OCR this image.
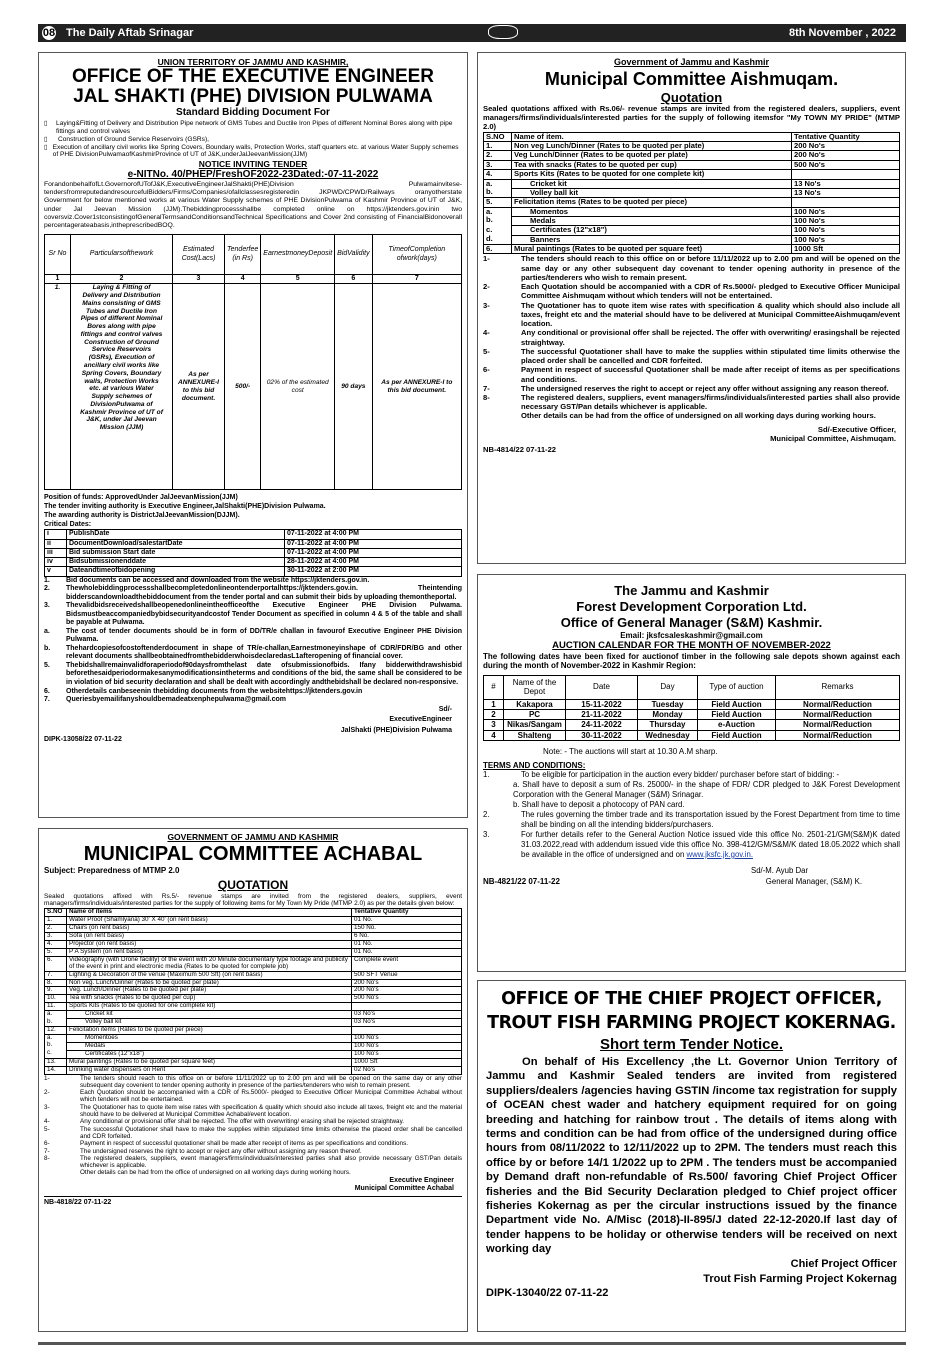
08 The Daily Aftab Srinagar	8th November , 2022
UNION TERRITORY OF JAMMU AND KASHMIR,
OFFICE OF THE EXECUTIVE ENGINEER
JAL SHAKTI (PHE) DIVISION PULWAMA
Standard Bidding Document For
▯	Laying&Fitting of Delivery and Distribution Pipe network of GMS Tubes and Ductile Iron Pipes of different Nominal Bores along with pipe fittings and control valves
▯	Construction of Ground Service Reservoirs (GSRs),
▯ Execution of ancillary civil works like Spring Covers, Boundary walls, Protection Works, staff quarters etc. at various Water Supply schemes of PHE DivisionPulwamaofKashmirProvince of UT of J&K,underJalJeevanMission(JJM)
NOTICE INVITING TENDER
e-NITNo. 40/PHEP/FreshOF2022-23Dated:-07-11-2022
ForandonbehalfofLt.GovernorofUTofJ&K,ExecutiveEngineerJalShakti(PHE)Division Pulwamainvitese-tendersfromreputedandresourcefulBidders/Firms/Companies/ofallclassesregisteredin JKPWD/CPWD/Railways oranyotherstate Government for below mentioned works at various Water Supply schemes of PHE DivisionPulwama of Kashmir Province of UT of J&K, under Jal Jeevan Mission (JJM).Thebiddingprocessshallbe completed online on https://jktenders.gov.inin two coversviz.Cover1stconsistingofGeneralTermsandConditionsandTechnical Specifications and Cover 2nd consisting of FinancialBidonoverall percentagerateabasis,intheprescribedBOQ.
Sr No	Particularsofthework	Estimated Cost(Lacs)	Tenderfee (in Rs)	EarnestmoneyDeposit	BidValidity	TimeofCompletion ofwork(days)
1	2	3	4	5	6	7
1.	Laying & Fitting of Delivery and Distribution Mains consisting of GMS Tubes and Ductile Iron Pipes of different Nominal Bores along with pipe fittings and control valves Construction of Ground Service Reservoirs (GSRs), Execution of ancillary civil works like Spring Covers, Boundary walls, Protection Works etc. at various Water Supply schemes of DivisionPulwama of Kashmir Province of UT of J&K, under Jal Jeevan Mission (JJM)	As per ANNEXURE-I to this bid document.	500/-	02% of the estimated cost	90 days	As per ANNEXURE-I to this bid document.
Position of funds: ApprovedUnder JalJeevanMission(JJM)
The tender inviting authority is Executive Engineer,JalShakti(PHE)Division Pulwama.
The awarding authority is DistrictJalJeevanMission(DJJM).
Critical Dates:
i	PublishDate	07-11-2022 at 4:00 PM
ii	DocumentDownload/salestartDate	07-11-2022 at 4:00 PM
iii	Bid submission Start date	07-11-2022 at 4:00 PM
iv	Bidsubmissionenddate	28-11-2022 at 4:00 PM
v	Dateandtimeofbidopening	30-11-2022 at 2:00 PM
1.	Bid documents can be accessed and downloaded from the website https://jktenders.gov.in.
2.	Thewholebiddingprocessshallbecompletedonlineontenderportalhttps://jktenders.gov.in. Theintending bidderscandownloadthebiddocument from the tender portal and can submit their bids by uploading themontheportal.
3.	Thevalidbidsreceivedshallbeopenedonlineintheofficeofthe Executive Engineer PHE Division Pulwama. Bidsmustbeaccompaniedbybidsecurityandcostof Tender Document as specified in column 4 & 5 of the table and shall be payable at Pulwama.
a.	The cost of tender documents should be in form of DD/TR/e challan in favourof Executive Engineer PHE Division Pulwama.
b.	Thehardcopiesofcostoftenderdocument in shape of TR/e-challan,Earnestmoneyinshape of CDR/FDR/BG and other relevant documents shallbeobtainedfromthebidderwhoisdeclaredasL1afteropening of financial cover.
5.	Thebidshallremainvalidforaperiodof90daysfromthelast date ofsubmissionofbids. Ifany bidderwithdrawshisbid beforethesaidperiodormakesanymodificationsintheterms and conditions of the bid, the same shall be considered to be in violation of bid security declaration and shall be dealt with accordingly andthebidshall be declared non-responsive.
6.	Otherdetails canbeseenin thebidding documents from the websitehttps://jktenders.gov.in
7.	Queriesbyemailifanyshouldbemadeatxenphepulwama@gmail.com
Sd/-
ExecutiveEngineer
JalShakti (PHE)Division Pulwama
DIPK-13058/22 07-11-22
GOVERNMENT OF JAMMU AND KASHMIR
MUNICIPAL COMMITTEE ACHABAL
Subject: Preparedness of MTMP 2.0
QUOTATION
Sealed quotations affixed with Rs.5/- revenue stamps are invited from the registered dealers, suppliers, event managers/firms/individuals/interested parties for the supply of following items for My Town My Pride (MTMP 2.0) as per the details given below:
S.NO	Name of items	Tentative Quantity
1.	Water Proof (Shamlyana) 30' X 40' (on rent basis)	01 No.
2.	Chairs (on rent basis)	150 No.
3.	Sofa (on rent basis)	6 No.
4.	Projector (on rent basis)	01 No.
5.	P A System (on rent basis)	01 No.
6.	Videography (with Drone facility) of the event with 20 Minute documentary type footage and publicity of the event in print and electronic media (Rates to be quoted for complete job)	Complete event
7.	Lighting & Decoration of the venue (Maximum 500 Sft) (on rent basis)	500 SFT Venue
8.	Non veg. Lunch/Dinner (Rates to be quoted per plate)	200 No's
9.	Veg. Lunch/Dinner (Rates to be quoted per plate)	200 No's
10.	Tea with snacks (Rates to be quoted per cup)	500 No's
11.	Sports Kits (Rates to be quoted for one complete kit)	
a.	Cricket kit	03 No's
b.	Volley ball kit	03 No's
12.	Felicitation items (Rates to be quoted per piece)	
a.	Momentoes	100 No's
b.	Medals	100 No's
c.	Certificates (12"x18")	100 No's
13.	Mural paintings (Rates to be quoted per square feet)	1000 Sft
14.	Drinking water dispensers on Rent	02 No's
1-	The tenders should reach to this office on or before 11/11/2022 up to 2.00 pm and will be opened on the same day or any other subsequent day covenient to tender opening authority in presence of the parties/tenderers who wish to remain present.
2-	Each Quotation should be accompanied with a CDR of Rs.5000/- pledged to Executive Officer Municipal Committee Achabal without which tenders will not be entertained.
3-	The Quotationer has to quote item wise rates with specification & quality which should also include all taxes, freight etc and the material should have to be delivered at Municipal Committee Achabal/event location.
4-	Any conditional or provisional offer shall be rejected. The offer with overwriting/ erasing shall be rejected straightway.
5-	The successful Quotationer shall have to make the supplies within stipulated time limits otherwise the placed order shall be cancelled and CDR forfeited.
6-	Payment in respect of successful quotationer shall be made after receipt of items as per specifications and conditions.
7-	The undersigned reserves the right to accept or reject any offer without assigning any reason thereof.
8-	The registered dealers, suppliers, event managers/firms/individuals/interested parties shall also provide necessary GST/Pan details whichever is applicable.
Other details can be had from the office of undersigned on all working days during working hours.
Executive Engineer
Municipal Committee Achabal
NB-4818/22 07-11-22
Government of Jammu and Kashmir
Municipal Committee Aishmuqam.
Quotation
Sealed quotations affixed with Rs.06/- revenue stamps are invited from the registered dealers, suppliers, event managers/firms/individuals/interested parties for the supply of following itemsfor "My TOWN MY PRIDE" (MTMP 2.0)
S.NO	Name of item.	Tentative Quantity
1.	Non veg Lunch/Dinner (Rates to be quoted per plate)	200 No's
2.	Veg Lunch/Dinner (Rates to be quoted per plate)	200 No's
3.	Tea with snacks (Rates to be quoted per cup)	500 No's
4.	Sports Kits (Rates to be quoted for one complete kit)	
a.	Cricket kit	13 No's
b.	Volley ball kit	13 No's
5.	Felicitation items (Rates to be quoted per piece)	
a.	Momentos	100 No's
b.	Medals	100 No's
c.	Certificates (12"x18")	100 No's
d.	Banners	100 No's
6.	Mural paintings (Rates to be quoted per square feet)	1000 Sft
1-	The tenders should reach to this office on or before 11/11/2022 up to 2.00 pm and will be opened on the same day or any other subsequent day covenant to tender opening authority in presence of the parties/tenderers who wish to remain present.
2-	Each Quotation should be accompanied with a CDR of Rs.5000/- pledged to Executive Officer Municipal Committee Aishmuqam without which tenders will not be entertained.
3-	The Quotationer has to quote item wise rates with specification & quality which should also include all taxes, freight etc and the material should have to be delivered at Municipal CommitteeAishmuqam/event location.
4-	Any conditional or provisional offer shall be rejected. The offer with overwriting/ erasingshall be rejected straightway.
5-	The successful Quotationer shall have to make the supplies within stipulated time limits otherwise the placed order shall be cancelled and CDR forfeited.
6-	Payment in respect of successful Quotationer shall be made after receipt of items as per specifications and conditions.
7-	The undersigned reserves the right to accept or reject any offer without assigning any reason thereof.
8-	The registered dealers, suppliers, event managers/firms/individuals/interested parties shall also provide necessary GST/Pan details whichever is applicable.
Other details can be had from the office of undersigned on all working days during working hours.
Sd/-Executive Officer,
Municipal Committee, Aishmuqam.
NB-4814/22 07-11-22
The Jammu and Kashmir
Forest Development Corporation Ltd.
Office of General Manager (S&M) Kashmir.
Email: jksfcsaleskashmir@gmail.com
AUCTION CALENDAR FOR THE MONTH OF NOVEMBER-2022
The following dates have been fixed for auctionof timber in the following sale depots shown against each during the month of November-2022 in Kashmir Region:
#	Name of the Depot	Date	Day	Type of auction	Remarks
1	Kakapora	15-11-2022	Tuesday	Field Auction	Normal/Reduction
2	PC	21-11-2022	Monday	Field Auction	Normal/Reduction
3	Nikas/Sangam	24-11-2022	Thursday	e-Auction	Normal/Reduction
4	Shalteng	30-11-2022	Wednesday	Field Auction	Normal/Reduction
Note: - The auctions will start at 10.30 A.M sharp.
TERMS AND CONDITIONS:
1.	To be eligible for participation in the auction every bidder/ purchaser before start of bidding: -
a. Shall have to deposit a sum of Rs. 25000/- in the shape of FDR/ CDR pledged to J&K Forest Development Corporation with the General Manager (S&M) Srinagar.
b. Shall have to deposit a photocopy of PAN card.
2.	The rules governing the timber trade and its transportation issued by the Forest Department from time to time shall be binding on all the intending bidders/purchasers.
3.	For further details refer to the General Auction Notice issued vide this office No. 2501-21/GM(S&M)K dated 31.03.2022,read with addendum issued vide this office No. 398-412/GM/S&M/K dated 18.05.2022 which shall be available in the office of undersigned and on www.jksfc.jk.gov.in.
Sd/-M. Ayub Dar
NB-4821/22 07-11-22	General Manager, (S&M) K.
OFFICE OF THE CHIEF PROJECT OFFICER,
TROUT FISH FARMING PROJECT KOKERNAG.
Short term Tender Notice.
On behalf of His Excellency ,the Lt. Governor Union Territory of Jammu and Kashmir Sealed tenders are invited from registered suppliers/dealers /agencies having GSTIN /income tax registration for supply of OCEAN chest wader and hatchery equipment required for on going breeding and hatching for rainbow trout . The details of items along with terms and condition can be had from office of the undersigned during office hours from 08/11/2022 to 12/11/2022 up to 2PM. The tenders must reach this office by or before 14/1 1/2022 up to 2PM . The tenders must be accompanied by Demand draft non-refundable of Rs.500/ favoring Chief Project Officer fisheries and the Bid Security Declaration pledged to Chief project officer fisheries Kokernag as per the circular instructions issued by the finance Department vide No. A/Misc (2018)-II-895/J dated 22-12-2020.If last day of tender happens to be holiday or otherwise tenders will be received on next working day
Chief Project Officer
Trout Fish Farming Project Kokernag
DIPK-13040/22 07-11-22
